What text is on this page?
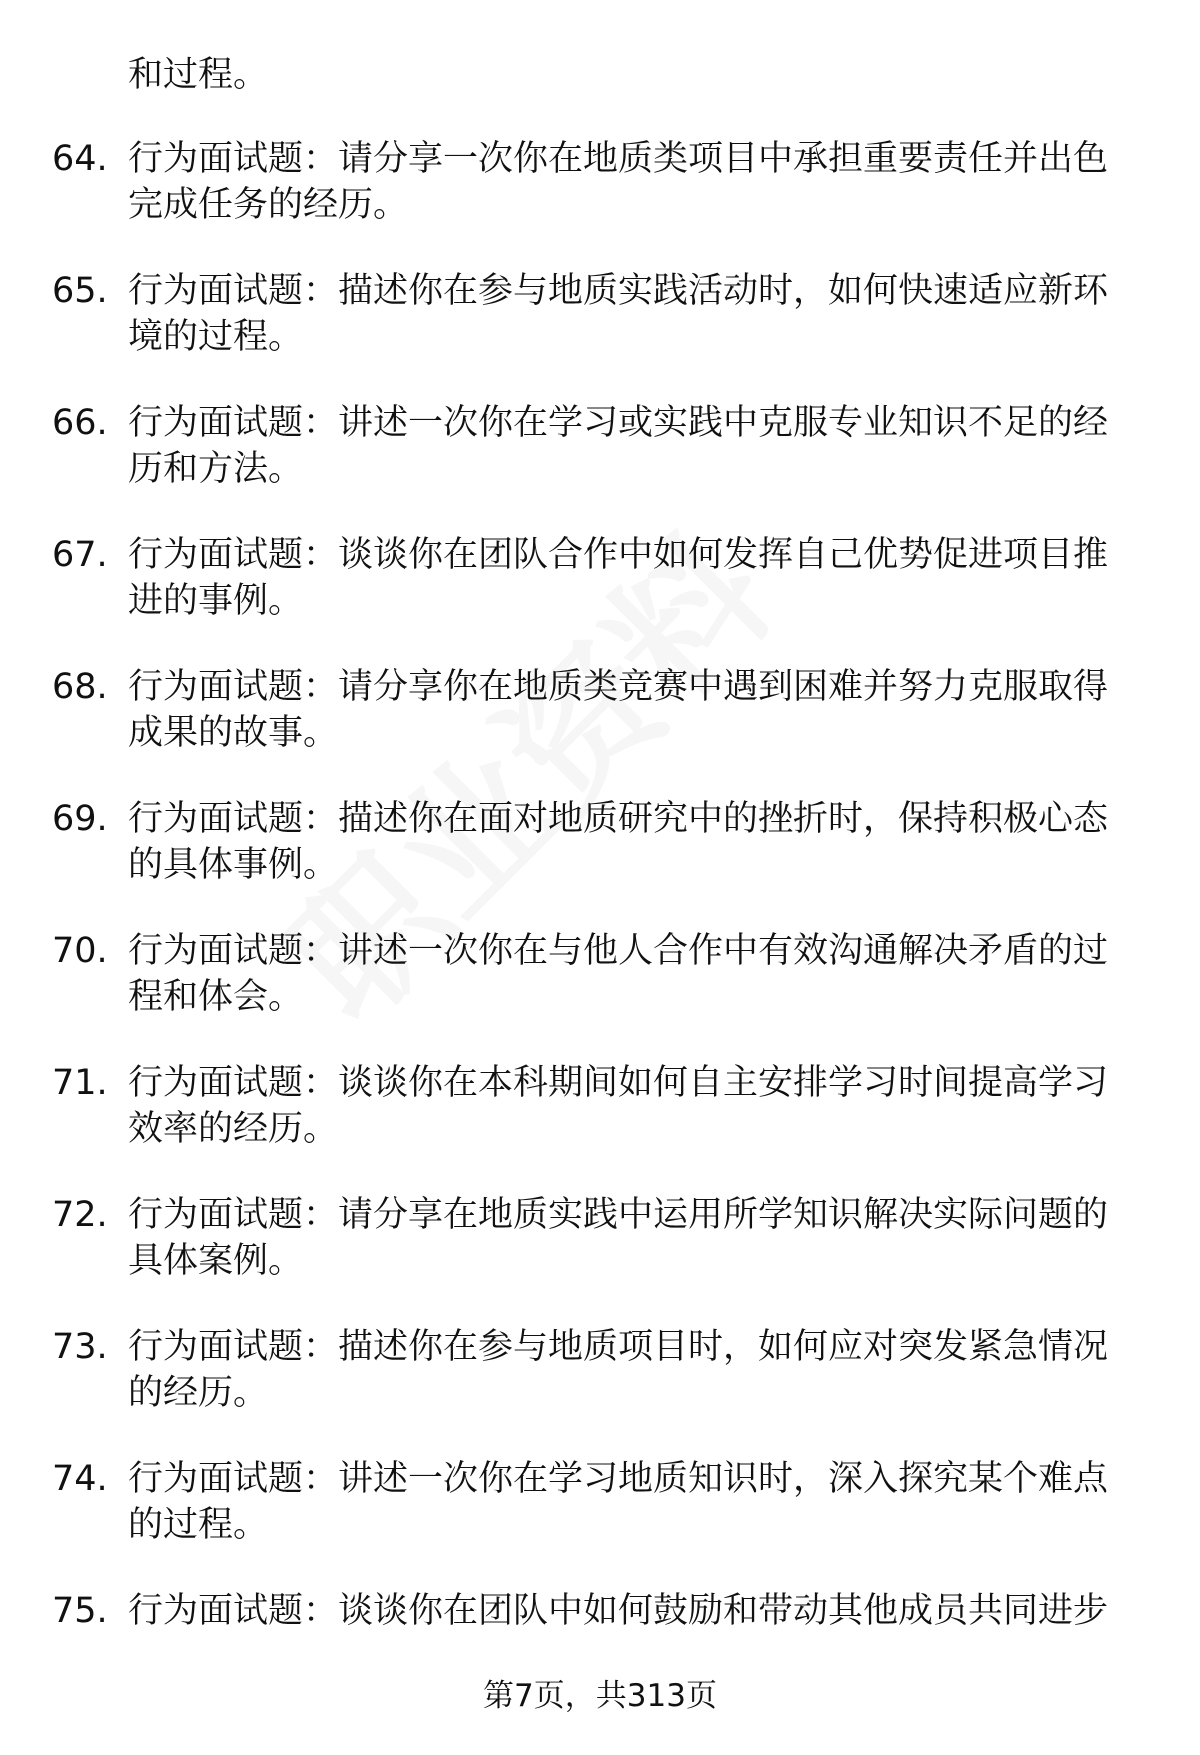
和过程。
64. 行为面试题：请分享一次你在地质类项目中承担重要责任并出色完成任务的经历。
65. 行为面试题：描述你在参与地质实践活动时，如何快速适应新环境的过程。
66. 行为面试题：讲述一次你在学习或实践中克服专业知识不足的经历和方法。
67. 行为面试题：谈谈你在团队合作中如何发挥自己优势促进项目推进的事例。
68. 行为面试题：请分享你在地质类竞赛中遇到困难并努力克服取得成果的故事。
69. 行为面试题：描述你在面对地质研究中的挫折时，保持积极心态的具体事例。
70. 行为面试题：讲述一次你在与他人合作中有效沟通解决矛盾的过程和体会。
71. 行为面试题：谈谈你在本科期间如何自主安排学习时间提高学习效率的经历。
72. 行为面试题：请分享在地质实践中运用所学知识解决实际问题的具体案例。
73. 行为面试题：描述你在参与地质项目时，如何应对突发紧急情况的经历。
74. 行为面试题：讲述一次你在学习地质知识时，深入探究某个难点的过程。
75. 行为面试题：谈谈你在团队中如何鼓励和带动其他成员共同进步
第7页，共313页
